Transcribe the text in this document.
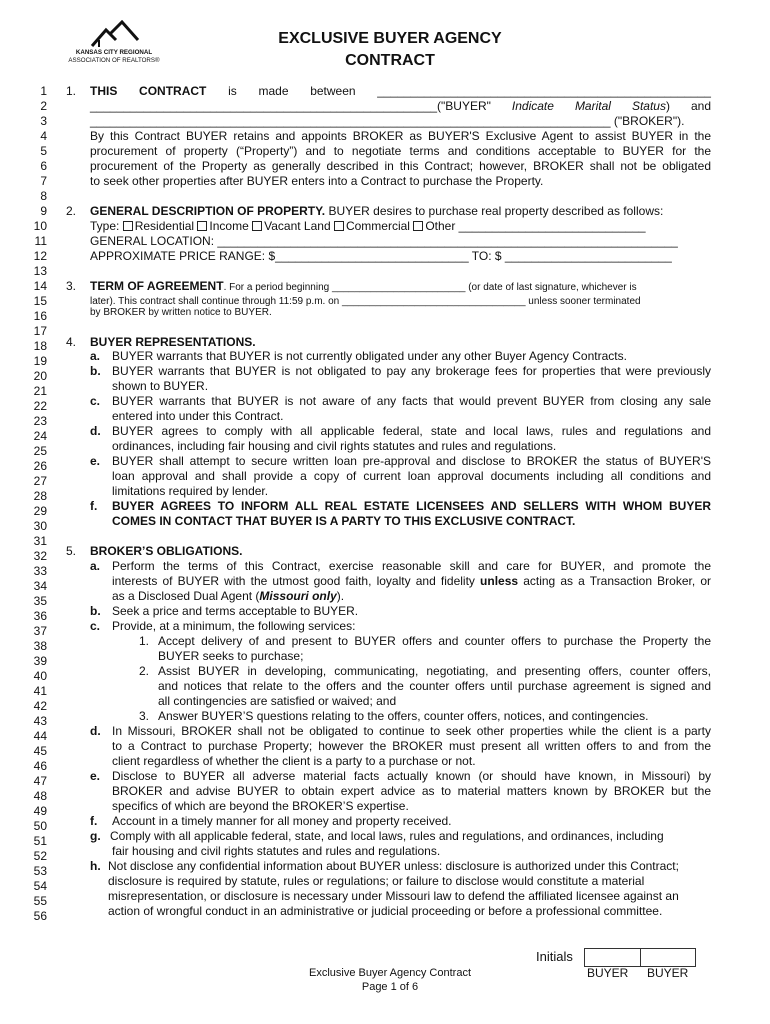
KANSAS CITY REGIONAL
ASSOCIATION OF REALTORS®
EXCLUSIVE BUYER AGENCY
CONTRACT
1
2
3
4
5
6
7
8
9
10
11
12
13
14
15
16
17
18
19
20
21
22
23
24
25
26
27
28
29
30
31
32
33
34
35
36
37
38
39
40
41
42
43
44
45
46
47
48
49
50
51
52
53
54
55
56
1. THIS CONTRACT is made between __________________________________________________
____________________________________________________("BUYER" Indicate Marital Status) and
______________________________________________________________________________ ("BROKER").
By this Contract BUYER retains and appoints BROKER as BUYER'S Exclusive Agent to assist BUYER in the
procurement of property (“Property”) and to negotiate terms and conditions acceptable to BUYER for the
procurement of the Property as generally described in this Contract; however, BROKER shall not be obligated
to seek other properties after BUYER enters into a Contract to purchase the Property.
2. GENERAL DESCRIPTION OF PROPERTY. BUYER desires to purchase real property described as follows:
Type: Residential Income Vacant Land Commercial Other ____________________________
GENERAL LOCATION: _____________________________________________________________________
APPROXIMATE PRICE RANGE: $_____________________________ TO: $ _________________________
3. TERM OF AGREEMENT. For a period beginning ________________________ (or date of last signature, whichever is
later). This contract shall continue through 11:59 p.m. on _________________________________ unless sooner terminated
by BROKER by written notice to BUYER.
4. BUYER REPRESENTATIONS.
a. BUYER warrants that BUYER is not currently obligated under any other Buyer Agency Contracts.
b. BUYER warrants that BUYER is not obligated to pay any brokerage fees for properties that were previously
shown to BUYER.
c. BUYER warrants that BUYER is not aware of any facts that would prevent BUYER from closing any sale
entered into under this Contract.
d. BUYER agrees to comply with all applicable federal, state and local laws, rules and regulations and
ordinances, including fair housing and civil rights statutes and rules and regulations.
e. BUYER shall attempt to secure written loan pre-approval and disclose to BROKER the status of BUYER'S
loan approval and shall provide a copy of current loan approval documents including all conditions and
limitations required by lender.
f. BUYER AGREES TO INFORM ALL REAL ESTATE LICENSEES AND SELLERS WITH WHOM BUYER
COMES IN CONTACT THAT BUYER IS A PARTY TO THIS EXCLUSIVE CONTRACT.
5. BROKER’S OBLIGATIONS.
a. Perform the terms of this Contract, exercise reasonable skill and care for BUYER, and promote the
interests of BUYER with the utmost good faith, loyalty and fidelity unless acting as a Transaction Broker, or
as a Disclosed Dual Agent (Missouri only).
b. Seek a price and terms acceptable to BUYER.
c. Provide, at a minimum, the following services:
1. Accept delivery of and present to BUYER offers and counter offers to purchase the Property the
BUYER seeks to purchase;
2. Assist BUYER in developing, communicating, negotiating, and presenting offers, counter offers,
and notices that relate to the offers and the counter offers until purchase agreement is signed and
all contingencies are satisfied or waived; and
3. Answer BUYER’S questions relating to the offers, counter offers, notices, and contingencies.
d. In Missouri, BROKER shall not be obligated to continue to seek other properties while the client is a party
to a Contract to purchase Property; however the BROKER must present all written offers to and from the
client regardless of whether the client is a party to a purchase or not.
e. Disclose to BUYER all adverse material facts actually known (or should have known, in Missouri) by
BROKER and advise BUYER to obtain expert advice as to material matters known by BROKER but the
specifics of which are beyond the BROKER’S expertise.
f. Account in a timely manner for all money and property received.
g. Comply with all applicable federal, state, and local laws, rules and regulations, and ordinances, including
fair housing and civil rights statutes and rules and regulations.
h. Not disclose any confidential information about BUYER unless: disclosure is authorized under this Contract;
disclosure is required by statute, rules or regulations; or failure to disclose would constitute a material
misrepresentation, or disclosure is necessary under Missouri law to defend the affiliated licensee against an
action of wrongful conduct in an administrative or judicial proceeding or before a professional committee.
Initials
BUYER BUYER
Exclusive Buyer Agency Contract
Page 1 of 6
